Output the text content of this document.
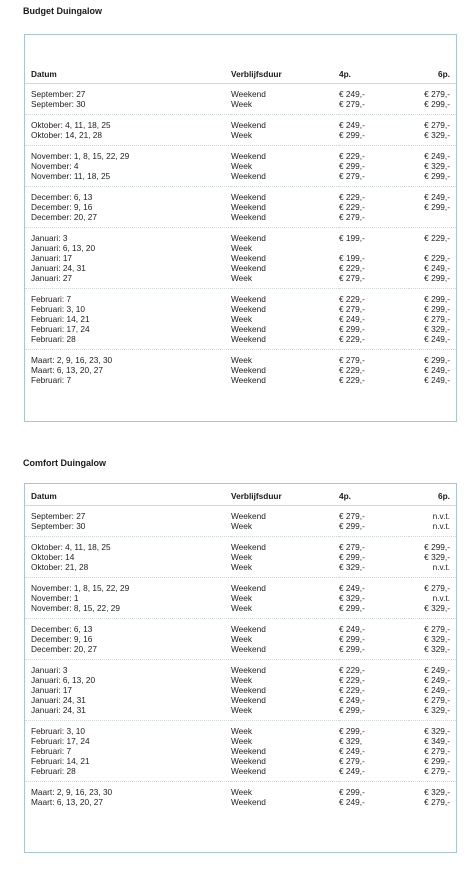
Budget Duingalow
Datum	Verblijfsduur	4p.	6p.
September: 27	Weekend	€ 249,-	€ 279,-
September: 30	Week	€ 279,-	€ 299,-
Oktober: 4, 11, 18, 25	Weekend	€ 249,-	€ 279,-
Oktober: 14, 21, 28	Week	€ 299,-	€ 329,-
November: 1, 8, 15, 22, 29	Weekend	€ 229,-	€ 249,-
November: 4	Week	€ 299,-	€ 329,-
November: 11, 18, 25	Weekend	€ 279,-	€ 299,-
December: 6, 13	Weekend	€ 229,-	€ 249,-
December: 9, 16	Weekend	€ 229,-	€ 299,-
December: 20, 27	Weekend	€ 279,-	
Januari: 3	Weekend	€ 199,-	€ 229,-
Januari: 6, 13, 20	Week		
Januari: 17	Weekend	€ 199,-	€ 229,-
Januari: 24, 31	Weekend	€ 229,-	€ 249,-
Januari: 27	Week	€ 279,-	€ 299,-
Februari: 7	Weekend	€ 229,-	€ 299,-
Februari: 3, 10	Weekend	€ 279,-	€ 299,-
Februari: 14, 21	Week	€ 249,-	€ 279,-
Februari: 17, 24	Weekend	€ 299,-	€ 329,-
Februari: 28	Weekend	€ 229,-	€ 249,-
Maart: 2, 9, 16, 23, 30	Week	€ 279,-	€ 299,-
Maart: 6, 13, 20, 27	Weekend	€ 229,-	€ 249,-
Februari: 7	Weekend	€ 229,-	€ 249,-
Comfort Duingalow
Datum	Verblijfsduur	4p.	6p.
September: 27	Weekend	€ 279,-	n.v.t.
September: 30	Week	€ 299,-	n.v.t.
Oktober: 4, 11, 18, 25	Weekend	€ 279,-	€ 299,-
Oktober: 14	Week	€ 299,-	€ 329,-
Oktober: 21, 28	Week	€ 329,-	n.v.t.
November: 1, 8, 15, 22, 29	Weekend	€ 249,-	€ 279,-
November: 1	Week	€ 329,-	n.v.t.
November: 8, 15, 22, 29	Week	€ 299,-	€ 329,-
December: 6, 13	Weekend	€ 249,-	€ 279,-
December: 9, 16	Week	€ 299,-	€ 329,-
December: 20, 27	Weekend	€ 299,-	€ 329,-
Januari: 3	Weekend	€ 229,-	€ 249,-
Januari: 6, 13, 20	Week	€ 229,-	€ 249,-
Januari: 17	Weekend	€ 229,-	€ 249,-
Januari: 24, 31	Weekend	€ 249,-	€ 279,-
Januari: 24, 31	Week	€ 299,-	€ 329,-
Februari: 3, 10	Week	€ 299,-	€ 329,-
Februari: 17, 24	Week	€ 329,	€ 349,-
Februari: 7	Weekend	€ 249,-	€ 279,-
Februari: 14, 21	Weekend	€ 279,-	€ 299,-
Februari: 28	Weekend	€ 249,-	€ 279,-
Maart: 2, 9, 16, 23, 30	Week	€ 299,-	€ 329,-
Maart: 6, 13, 20, 27	Weekend	€ 249,-	€ 279,-
